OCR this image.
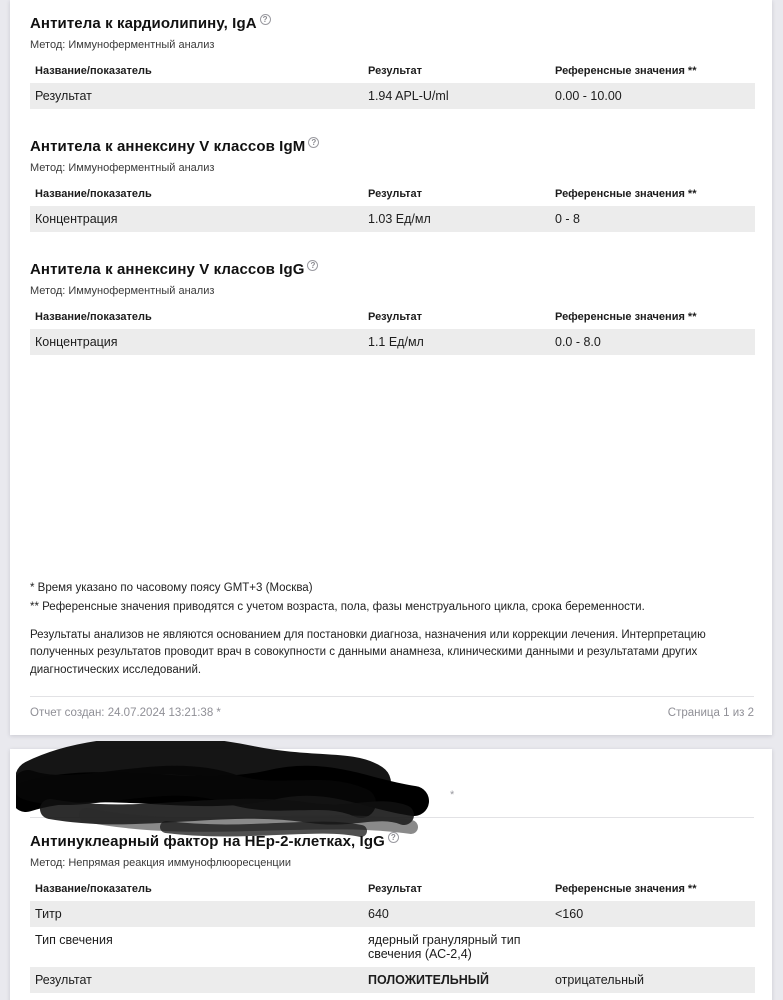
Антитела к кардиолипину, IgA ?
Метод: Иммуноферментный анализ
Название/показатель	Результат	Референсные значения **
Результат	1.94 APL-U/ml	0.00 - 10.00
Антитела к аннексину V классов IgM ?
Метод: Иммуноферментный анализ
Название/показатель	Результат	Референсные значения **
Концентрация	1.03 Ед/мл	0 - 8
Антитела к аннексину V классов IgG ?
Метод: Иммуноферментный анализ
Название/показатель	Результат	Референсные значения **
Концентрация	1.1 Ед/мл	0.0 - 8.0
* Время указано по часовому поясу GMT+3 (Москва)
** Референсные значения приводятся с учетом возраста, пола, фазы менструального цикла, срока беременности.
Результаты анализов не являются основанием для постановки диагноза, назначения или коррекции лечения. Интерпретацию полученных результатов проводит врач в совокупности с данными анамнеза, клиническими данными и результатами других диагностических исследований.
Отчет создан: 24.07.2024 13:21:38 *	Страница 1 из 2
Заказ №	*
Антинуклеарный фактор на HEp-2-клетках, IgG ?
Метод: Непрямая реакция иммунофлюоресценции
Название/показатель	Результат	Референсные значения **
Титр	640	<160
Тип свечения	ядерный гранулярный тип свечения (АС-2,4)
Результат	ПОЛОЖИТЕЛЬНЫЙ	отрицательный
